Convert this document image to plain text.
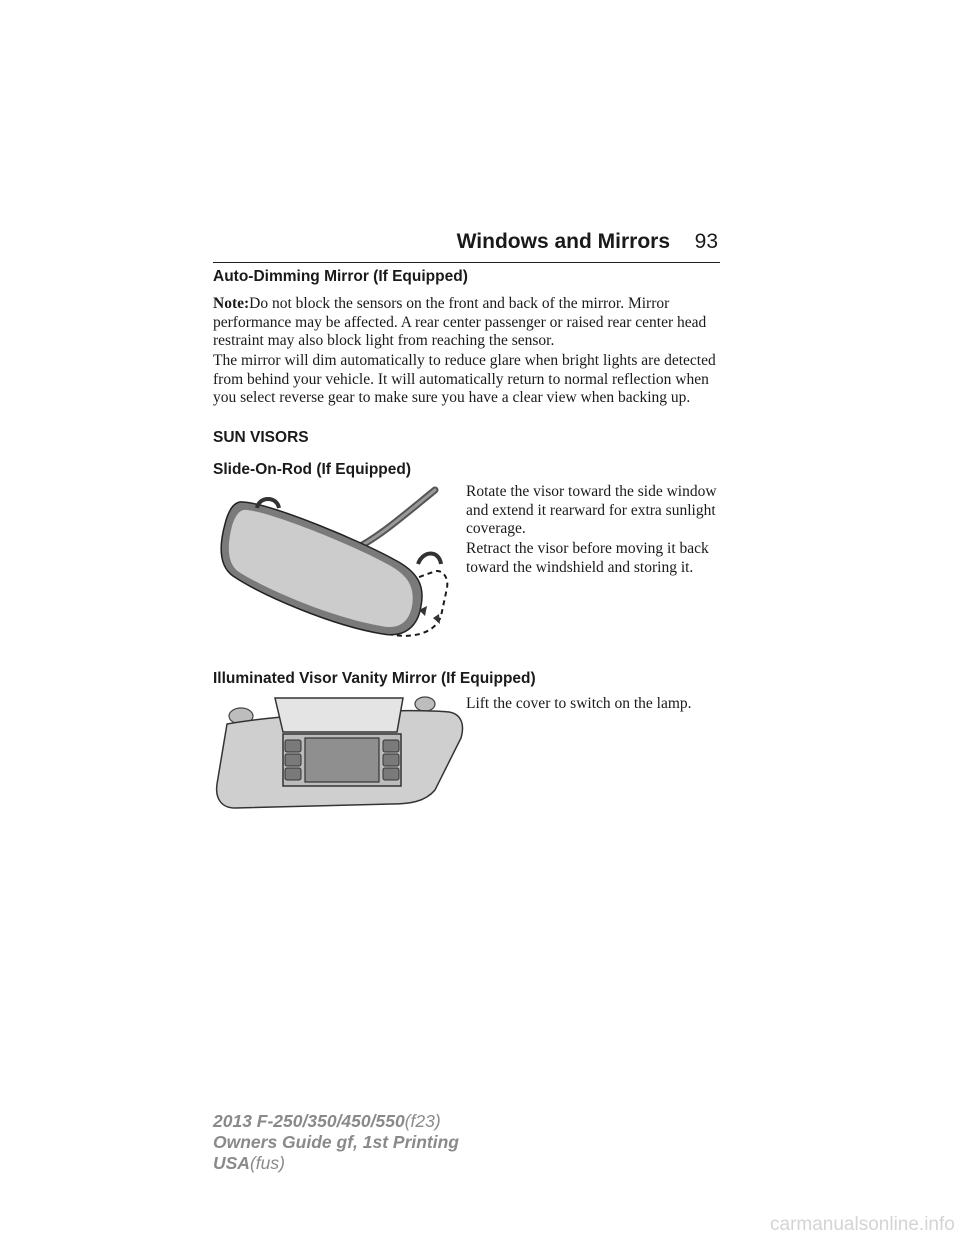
Windows and Mirrors 93
Auto-Dimming Mirror (If Equipped)

Note:Do not block the sensors on the front and back of the mirror. Mirror performance may be affected. A rear center passenger or raised rear center head restraint may also block light from reaching the sensor.

The mirror will dim automatically to reduce glare when bright lights are detected from behind your vehicle. It will automatically return to normal reflection when you select reverse gear to make sure you have a clear view when backing up.

SUN VISORS
Slide-On-Rod (If Equipped)

Rotate the visor toward the side window and extend it rearward for extra sunlight coverage.

Retract the visor before moving it back toward the windshield and storing it.

Illuminated Visor Vanity Mirror (If Equipped)

Lift the cover to switch on the lamp.

2013 F-250/350/450/550(f23)
Owners Guide gf, 1st Printing
USA(fus)
carmanualsonline.info
